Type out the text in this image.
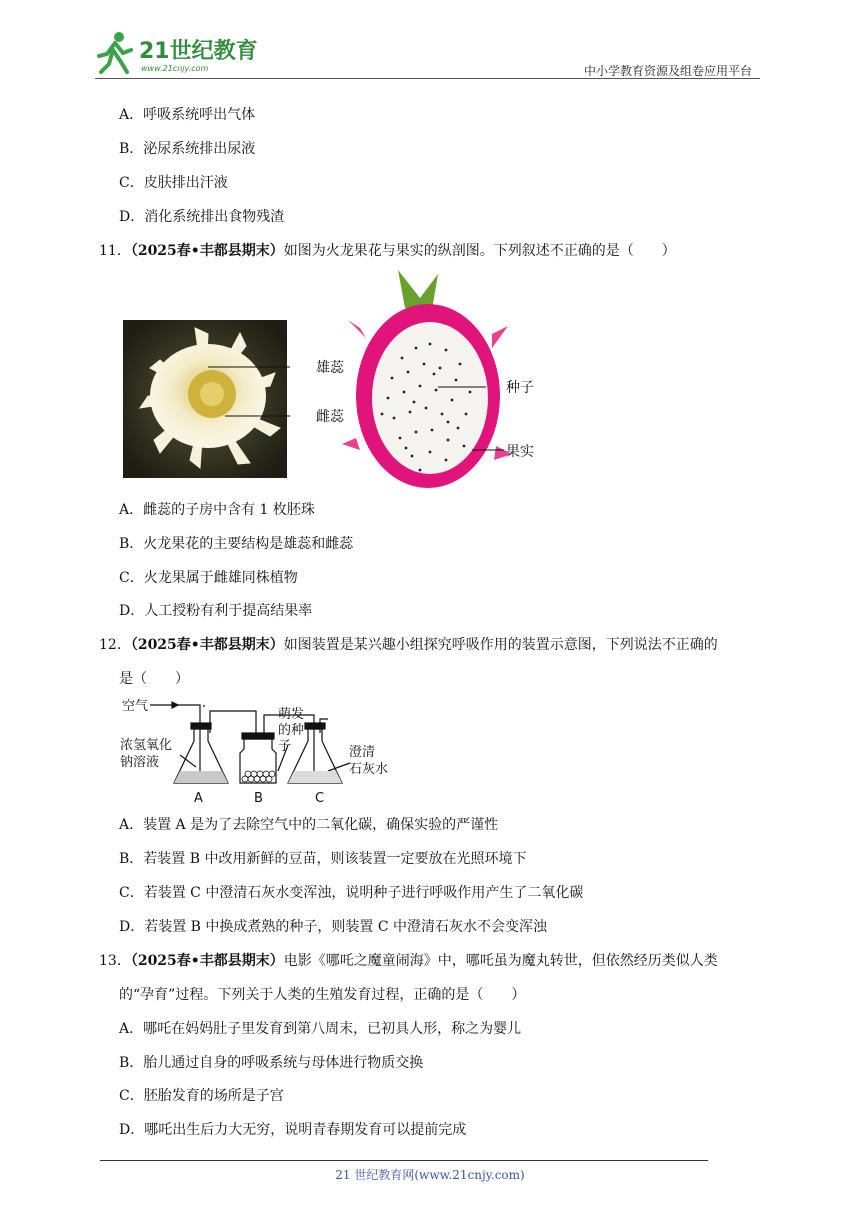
21世纪教育
www.21cnjy.com	中小学教育资源及组卷应用平台
A．呼吸系统呼出气体
B．泌尿系统排出尿液
C．皮肤排出汗液
D．消化系统排出食物残渣
11．（2025春•丰都县期末）如图为火龙果花与果实的纵剖图。下列叙述不正确的是（　　）
雄蕊
雌蕊
种子
果实
A．雌蕊的子房中含有 1 枚胚珠
B．火龙果花的主要结构是雄蕊和雌蕊
C．火龙果属于雌雄同株植物
D．人工授粉有利于提高结果率
12．（2025春•丰都县期末）如图装置是某兴趣小组探究呼吸作用的装置示意图，下列说法不正确的
是（　　）
空气
浓氢氧化
钠溶液
萌发
的种
子	澄清
石灰水
A	B	C
A．装置 A 是为了去除空气中的二氧化碳，确保实验的严谨性
B．若装置 B 中改用新鲜的豆苗，则该装置一定要放在光照环境下
C．若装置 C 中澄清石灰水变浑浊，说明种子进行呼吸作用产生了二氧化碳
D．若装置 B 中换成煮熟的种子，则装置 C 中澄清石灰水不会变浑浊
13．（2025春•丰都县期末）电影《哪吒之魔童闹海》中，哪吒虽为魔丸转世，但依然经历类似人类
的“孕育”过程。下列关于人类的生殖发育过程，正确的是（　　）
A．哪吒在妈妈肚子里发育到第八周末，已初具人形，称之为婴儿
B．胎儿通过自身的呼吸系统与母体进行物质交换
C．胚胎发育的场所是子宫
D．哪吒出生后力大无穷，说明青春期发育可以提前完成
21 世纪教育网(www.21cnjy.com)
